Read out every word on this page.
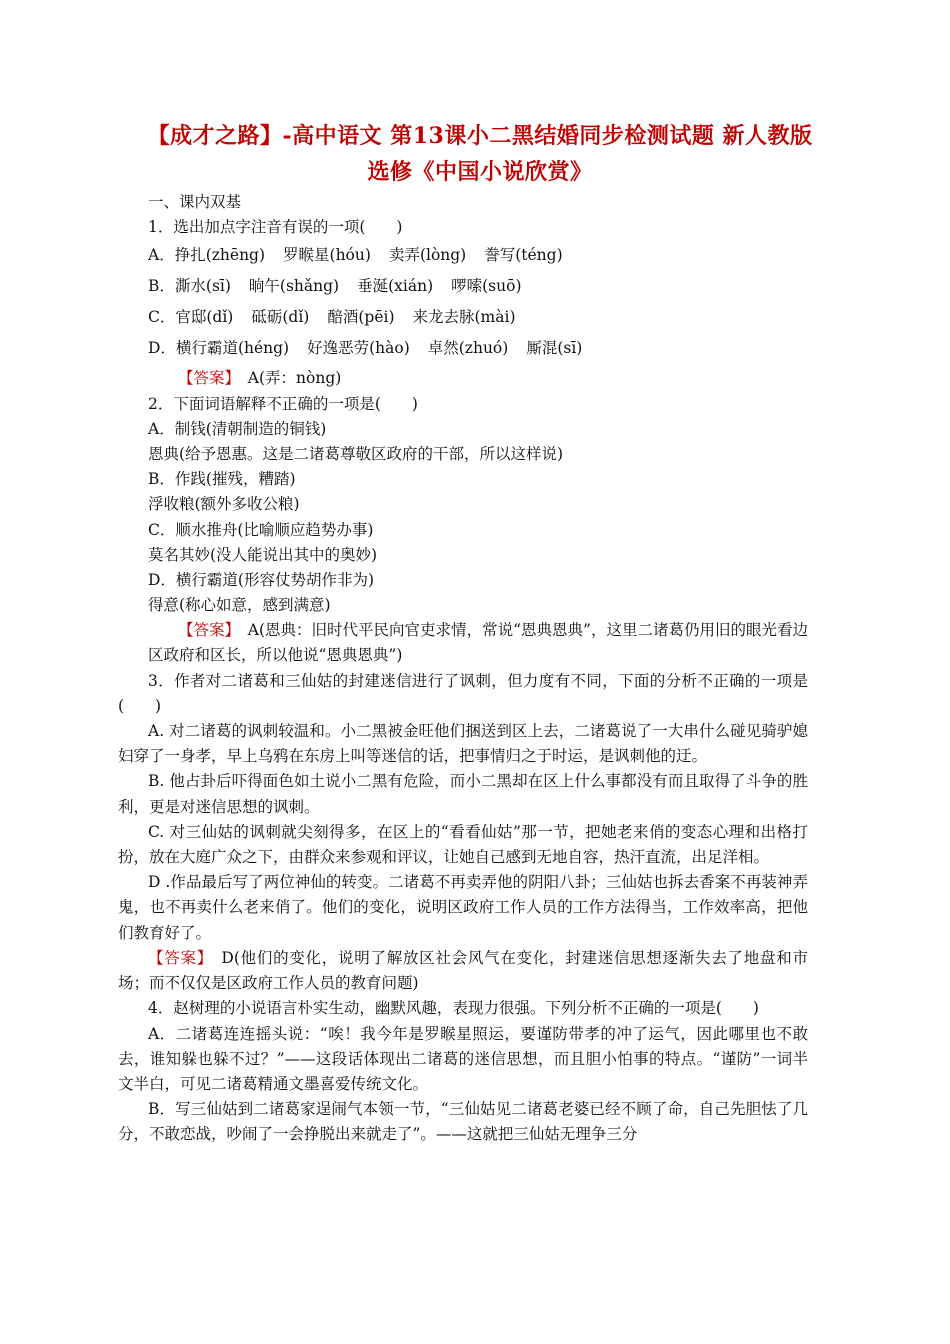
【成才之路】-高中语文 第13课小二黑结婚同步检测试题 新人教版选修《中国小说欣赏》
一、课内双基
1．选出加点字注音有误的一项(　　)
A．挣扎(zhēng) 罗睺星(hóu) 卖弄(lòng) 誊写(téng)
B．澌水(sī) 晌午(shǎng) 垂涎(xián) 啰嗦(suō)
C．官邸(dǐ) 砥砺(dǐ) 醅酒(pēi) 来龙去脉(mài)
D．横行霸道(héng) 好逸恶劳(hào) 卓然(zhuó) 厮混(sī)
【答案】　 A(弄：nòng)
2．下面词语解释不正确的一项是(　　)
A．制钱(清朝制造的铜钱)
恩典(给予恩惠。这是二诸葛尊敬区政府的干部，所以这样说)
B．作践(摧残，糟踏)
浮收粮(额外多收公粮)
C．顺水推舟(比喻顺应趋势办事)
莫名其妙(没人能说出其中的奥妙)
D．横行霸道(形容仗势胡作非为)
得意(称心如意，感到满意)
【答案】　 A(恩典：旧时代平民向官吏求情，常说“恩典恩典”，这里二诸葛仍用旧的眼光看边区政府和区长，所以他说“恩典恩典”)
3．作者对二诸葛和三仙姑的封建迷信进行了讽刺，但力度有不同，下面的分析不正确的一项是(　　)
A. 对二诸葛的讽刺较温和。小二黑被金旺他们捆送到区上去，二诸葛说了一大串什么碰见骑驴媳妇穿了一身孝，早上乌鸦在东房上叫等迷信的话，把事情归之于时运，是讽刺他的迂。
B. 他占卦后吓得面色如土说小二黑有危险，而小二黑却在区上什么事都没有而且取得了斗争的胜利，更是对迷信思想的讽刺。
C. 对三仙姑的讽刺就尖刻得多，在区上的“看看仙姑”那一节，把她老来俏的变态心理和出格打扮，放在大庭广众之下，由群众来参观和评议，让她自己感到无地自容，热汗直流，出足洋相。
D .作品最后写了两位神仙的转变。二诸葛不再卖弄他的阴阳八卦；三仙姑也拆去香案不再装神弄鬼，也不再卖什么老来俏了。他们的变化，说明区政府工作人员的工作方法得当，工作效率高，把他们教育好了。
【答案】　 D(他们的变化，说明了解放区社会风气在变化，封建迷信思想逐渐失去了地盘和市场；而不仅仅是区政府工作人员的教育问题)
4．赵树理的小说语言朴实生动，幽默风趣，表现力很强。下列分析不正确的一项是(　　)
A．二诸葛连连摇头说：“唉！我今年是罗睺星照运，要谨防带孝的冲了运气，因此哪里也不敢去，谁知躲也躲不过？”——这段话体现出二诸葛的迷信思想，而且胆小怕事的特点。“谨防”一词半文半白，可见二诸葛精通文墨喜爱传统文化。
B．写三仙姑到二诸葛家逞闹气本领一节，“三仙姑见二诸葛老婆已经不顾了命，自己先胆怯了几分，不敢恋战，吵闹了一会挣脱出来就走了”。——这就把三仙姑无理争三分
